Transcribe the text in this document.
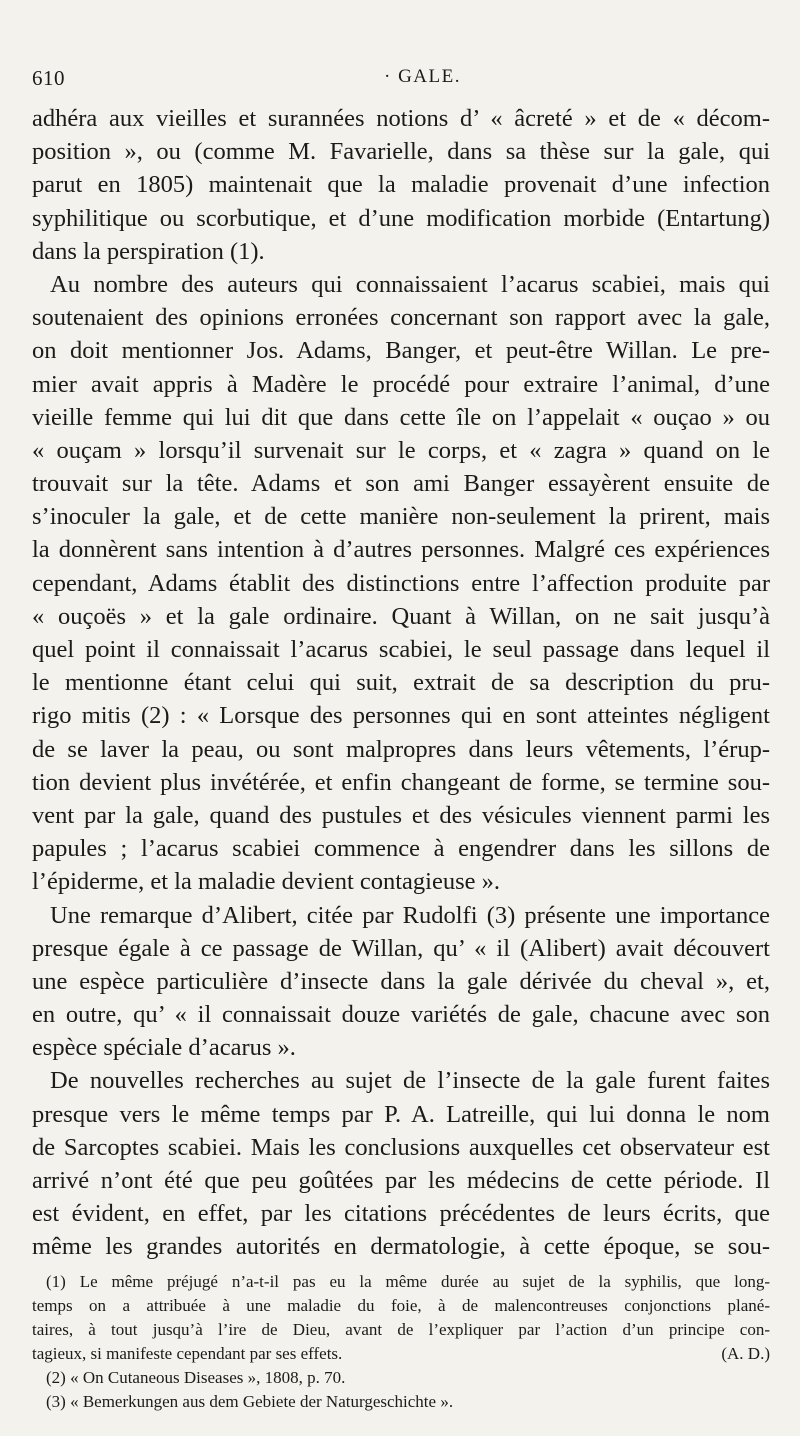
610	· GALE.
adhéra aux vieilles et surannées notions d’ « âcreté » et de « décom-
position », ou (comme M. Favarielle, dans sa thèse sur la gale, qui
parut en 1805) maintenait que la maladie provenait d’une infection
syphilitique ou scorbutique, et d’une modification morbide (Entartung)
dans la perspiration (1).
Au nombre des auteurs qui connaissaient l’acarus scabiei, mais qui
soutenaient des opinions erronées concernant son rapport avec la gale,
on doit mentionner Jos. Adams, Banger, et peut-être Willan. Le pre-
mier avait appris à Madère le procédé pour extraire l’animal, d’une
vieille femme qui lui dit que dans cette île on l’appelait « ouçao » ou
« ouçam » lorsqu’il survenait sur le corps, et « zagra » quand on le
trouvait sur la tête. Adams et son ami Banger essayèrent ensuite de
s’inoculer la gale, et de cette manière non-seulement la prirent, mais
la donnèrent sans intention à d’autres personnes. Malgré ces expériences
cependant, Adams établit des distinctions entre l’affection produite par
« ouçoës » et la gale ordinaire. Quant à Willan, on ne sait jusqu’à
quel point il connaissait l’acarus scabiei, le seul passage dans lequel il
le mentionne étant celui qui suit, extrait de sa description du pru-
rigo mitis (2) : « Lorsque des personnes qui en sont atteintes négligent
de se laver la peau, ou sont malpropres dans leurs vêtements, l’érup-
tion devient plus invétérée, et enfin changeant de forme, se termine sou-
vent par la gale, quand des pustules et des vésicules viennent parmi les
papules ; l’acarus scabiei commence à engendrer dans les sillons de
l’épiderme, et la maladie devient contagieuse ».
Une remarque d’Alibert, citée par Rudolfi (3) présente une importance
presque égale à ce passage de Willan, qu’ « il (Alibert) avait découvert
une espèce particulière d’insecte dans la gale dérivée du cheval », et,
en outre, qu’ « il connaissait douze variétés de gale, chacune avec son
espèce spéciale d’acarus ».
De nouvelles recherches au sujet de l’insecte de la gale furent faites
presque vers le même temps par P. A. Latreille, qui lui donna le nom
de Sarcoptes scabiei. Mais les conclusions auxquelles cet observateur est
arrivé n’ont été que peu goûtées par les médecins de cette période. Il
est évident, en effet, par les citations précédentes de leurs écrits, que
même les grandes autorités en dermatologie, à cette époque, se sou-
(1) Le même préjugé n’a-t-il pas eu la même durée au sujet de la syphilis, que long-
temps on a attribuée à une maladie du foie, à de malencontreuses conjonctions plané-
taires, à tout jusqu’à l’ire de Dieu, avant de l’expliquer par l’action d’un principe con-
tagieux, si manifeste cependant par ses effets.	(A. D.)
(2) « On Cutaneous Diseases », 1808, p. 70.
(3) « Bemerkungen aus dem Gebiete der Naturgeschichte ».
